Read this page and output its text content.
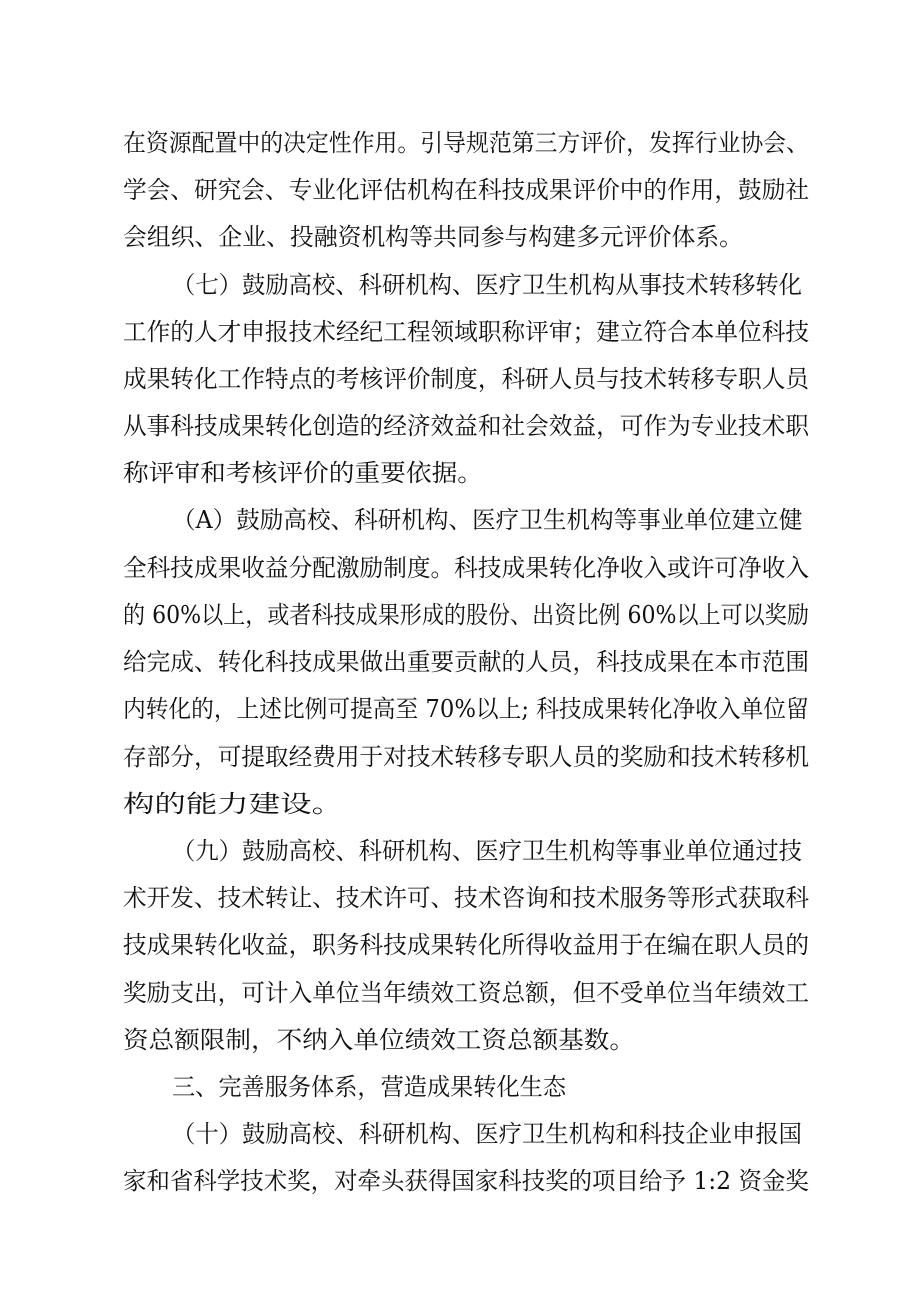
在资源配置中的决定性作用。引导规范第三方评价，发挥行业协会、
学会、研究会、专业化评估机构在科技成果评价中的作用，鼓励社
会组织、企业、投融资机构等共同参与构建多元评价体系。
（七）鼓励高校、科研机构、医疗卫生机构从事技术转移转化
工作的人才申报技术经纪工程领域职称评审；建立符合本单位科技
成果转化工作特点的考核评价制度，科研人员与技术转移专职人员
从事科技成果转化创造的经济效益和社会效益，可作为专业技术职
称评审和考核评价的重要依据。
（A）鼓励高校、科研机构、医疗卫生机构等事业单位建立健
全科技成果收益分配激励制度。科技成果转化净收入或许可净收入
的 60%以上，或者科技成果形成的股份、出资比例 60%以上可以奖励
给完成、转化科技成果做出重要贡献的人员，科技成果在本市范围
内转化的，上述比例可提高至 70%以上; 科技成果转化净收入单位留
存部分，可提取经费用于对技术转移专职人员的奖励和技术转移机
构的能力建设。
（九）鼓励高校、科研机构、医疗卫生机构等事业单位通过技
术开发、技术转让、技术许可、技术咨询和技术服务等形式获取科
技成果转化收益，职务科技成果转化所得收益用于在编在职人员的
奖励支出，可计入单位当年绩效工资总额，但不受单位当年绩效工
资总额限制，不纳入单位绩效工资总额基数。
三、完善服务体系，营造成果转化生态
（十）鼓励高校、科研机构、医疗卫生机构和科技企业申报国
家和省科学技术奖，对牵头获得国家科技奖的项目给予 1:2 资金奖
